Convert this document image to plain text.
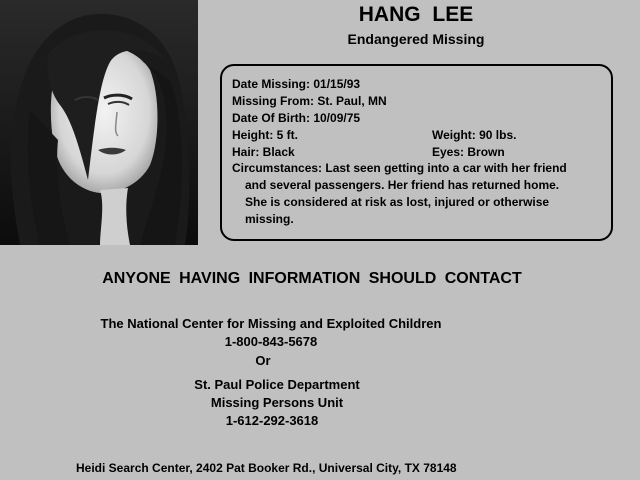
HANG LEE
Endangered Missing
Date Missing: 01/15/93
Missing From: St. Paul, MN
Date Of Birth: 10/09/75
Height: 5 ft.	Weight: 90 lbs.
Hair: Black	Eyes: Brown
Circumstances: Last seen getting into a car with her friend
and several passengers. Her friend has returned home.
She is considered at risk as lost, injured or otherwise
missing.
ANYONE HAVING INFORMATION SHOULD CONTACT
The National Center for Missing and Exploited Children
1-800-843-5678
Or
St. Paul Police Department
Missing Persons Unit
1-612-292-3618
Heidi Search Center, 2402 Pat Booker Rd., Universal City, TX 78148
